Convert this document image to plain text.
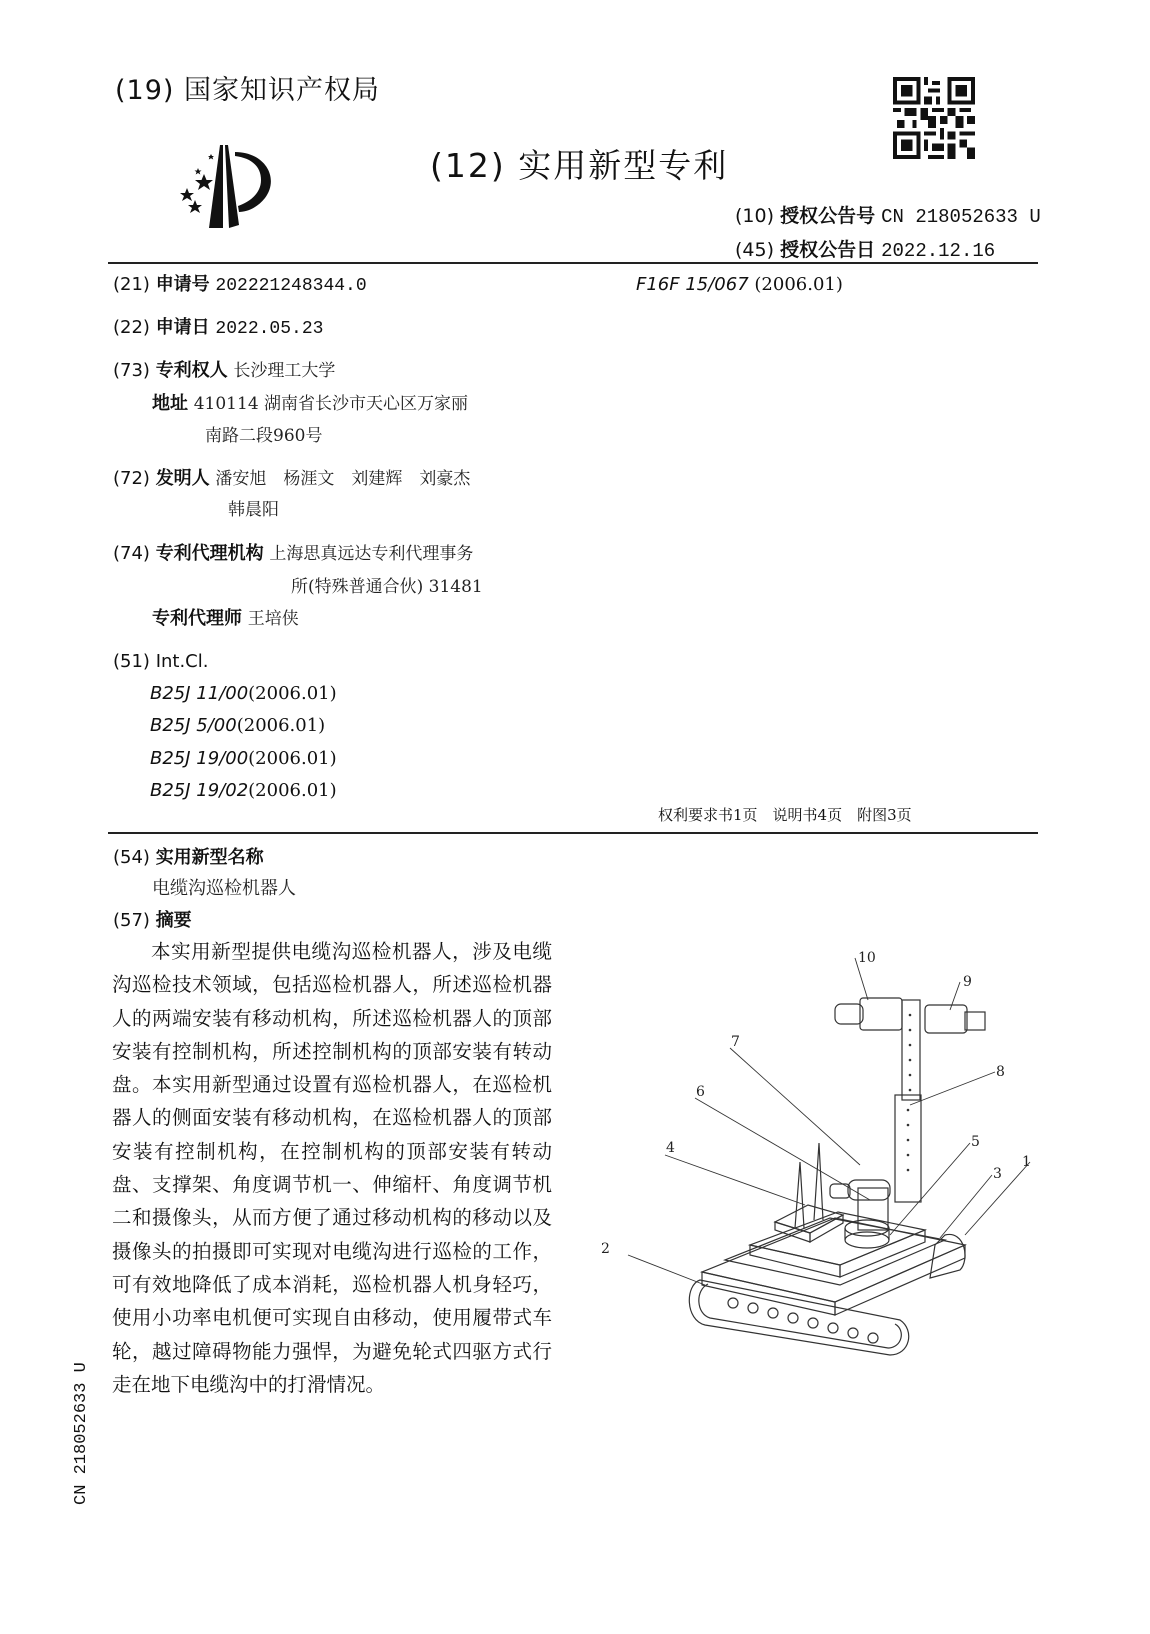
(19) 国家知识产权局
(12) 实用新型专利
(10) 授权公告号 CN 218052633 U
(45) 授权公告日 2022.12.16
(21) 申请号 202221248344.0	F16F 15/067 (2006.01)
(22) 申请日 2022.05.23
(73) 专利权人 长沙理工大学
地址 410114 湖南省长沙市天心区万家丽
南路二段960号
(72) 发明人 潘安旭　杨涯文　刘建辉　刘豪杰
韩晨阳
(74) 专利代理机构 上海思真远达专利代理事务
所(特殊普通合伙) 31481
专利代理师 王培侠
(51) Int.Cl.
B25J 11/00(2006.01)
B25J 5/00(2006.01)
B25J 19/00(2006.01)
B25J 19/02(2006.01)
权利要求书1页　说明书4页　附图3页
(54) 实用新型名称
电缆沟巡检机器人
(57) 摘要
本实用新型提供电缆沟巡检机器人，涉及电缆沟巡检技术领域，包括巡检机器人，所述巡检机器人的两端安装有移动机构，所述巡检机器人的顶部安装有控制机构，所述控制机构的顶部安装有转动盘。本实用新型通过设置有巡检机器人，在巡检机器人的侧面安装有移动机构，在巡检机器人的顶部安装有控制机构，在控制机构的顶部安装有转动盘、支撑架、角度调节机一、伸缩杆、角度调节机二和摄像头，从而方便了通过移动机构的移动以及摄像头的拍摄即可实现对电缆沟进行巡检的工作，可有效地降低了成本消耗，巡检机器人机身轻巧，使用小功率电机便可实现自由移动，使用履带式车轮，越过障碍物能力强悍，为避免轮式四驱方式行走在地下电缆沟中的打滑情况。
CN 218052633 U
10
9
8
7
6
4	5
3
1
2
